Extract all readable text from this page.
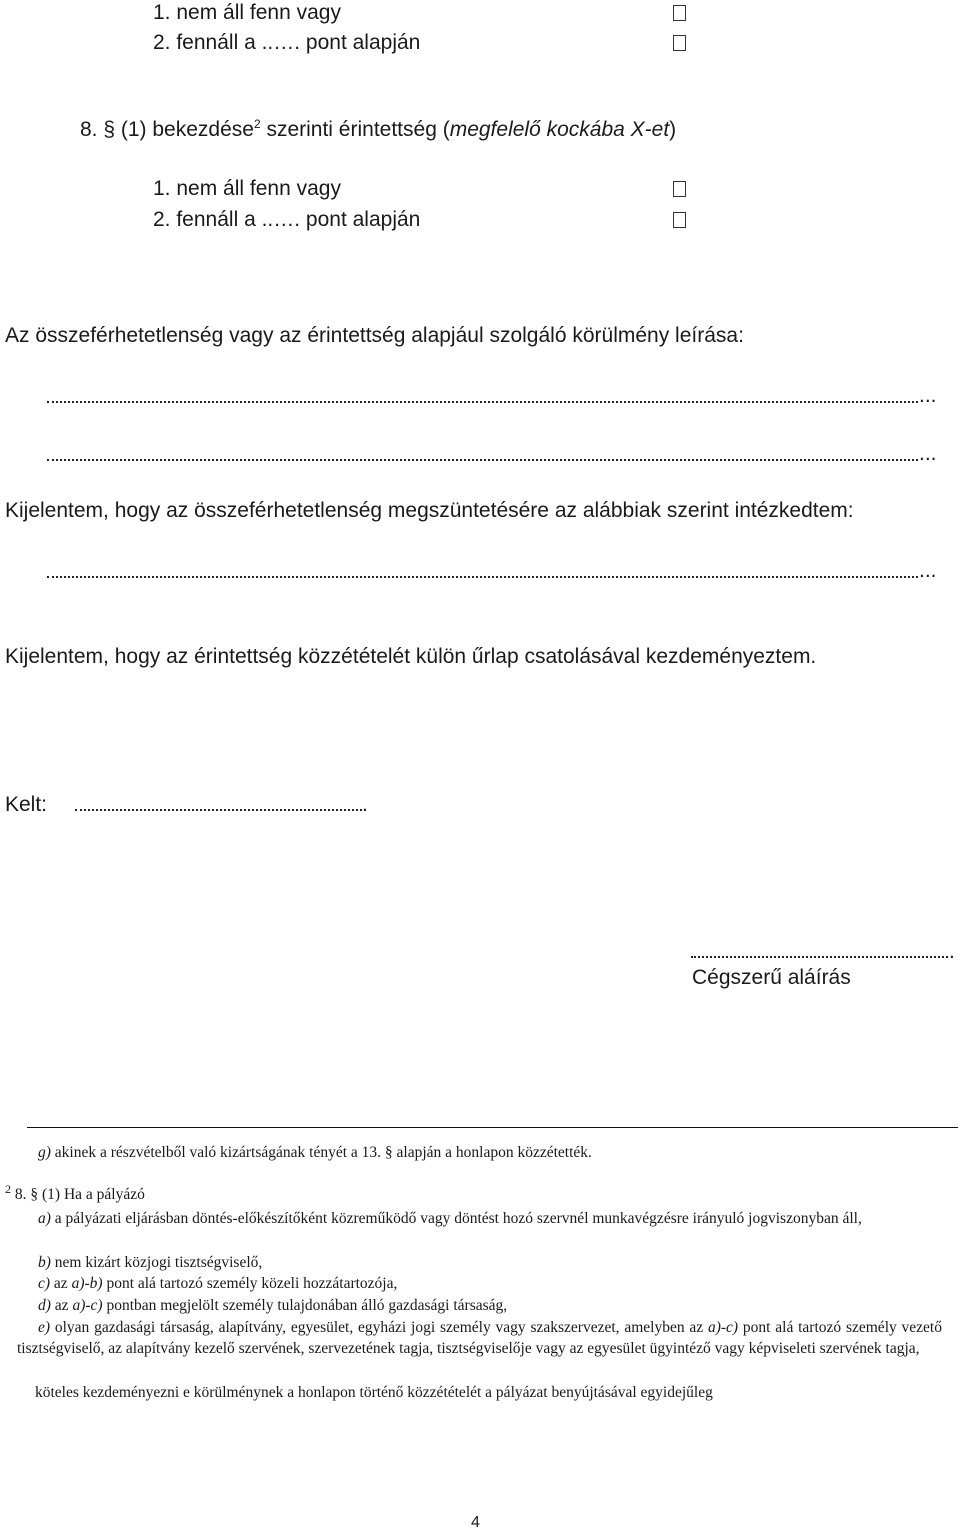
1. nem áll fenn vagy
2. fennáll a ..…. pont alapján
8. § (1) bekezdése$^2$ szerinti érintettség (megfelelő kockába X-et)
1. nem áll fenn vagy
2. fennáll a ..…. pont alapján
Az összeférhetetlenség vagy az érintettség alapjául szolgáló körülmény leírása:
...
...
Kijelentem, hogy az összeférhetetlenség megszüntetésére az alábbiak szerint intézkedtem:
...
Kijelentem, hogy az érintettség közzétételét külön űrlap csatolásával kezdeményeztem.
Kelt:	.
.
Cégszerű aláírás
g) akinek a részvételből való kizártságának tényét a 13. § alapján a honlapon közzétették.
$^2$ 8. § (1) Ha a pályázó
a) a pályázati eljárásban döntés-előkészítőként közreműködő vagy döntést hozó szervnél munkavégzésre irányuló jogviszonyban áll,
b) nem kizárt közjogi tisztségviselő,
c) az a)-b) pont alá tartozó személy közeli hozzátartozója,
d) az a)-c) pontban megjelölt személy tulajdonában álló gazdasági társaság,
e) olyan gazdasági társaság, alapítvány, egyesület, egyházi jogi személy vagy szakszervezet, amelyben az a)-c) pont alá tartozó személy vezető tisztségviselő, az alapítvány kezelő szervének, szervezetének tagja, tisztségviselője vagy az egyesület ügyintéző vagy képviseleti szervének tagja,
köteles kezdeményezni e körülménynek a honlapon történő közzétételét a pályázat benyújtásával egyidejűleg
4
